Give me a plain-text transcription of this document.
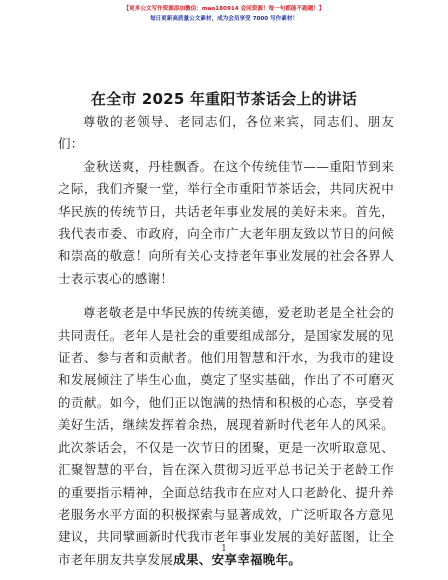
【更多公文写作资源添加微信：mao180914 会同资源！每一句都能不跑题！】
每日更新高质量公文素材，成为会员享受 7000 写作素材！
在全市 2025 年重阳节茶话会上的讲话

尊敬的老领导、老同志们，各位来宾，同志们、朋友们：

金秋送爽，丹桂飘香。在这个传统佳节——重阳节到来之际，我们齐聚一堂，举行全市重阳节茶话会，共同庆祝中华民族的传统节日，共话老年事业发展的美好未来。首先，我代表市委、市政府，向全市广大老年朋友致以节日的问候和崇高的敬意！向所有关心支持老年事业发展的社会各界人士表示衷心的感谢！

尊老敬老是中华民族的传统美德，爱老助老是全社会的共同责任。老年人是社会的重要组成部分，是国家发展的见证者、参与者和贡献者。他们用智慧和汗水，为我市的建设和发展倾注了毕生心血，奠定了坚实基础，作出了不可磨灭的贡献。如今，他们正以饱满的热情和积极的心态，享受着美好生活，继续发挥着余热，展现着新时代老年人的风采。此次茶话会，不仅是一次节日的团聚，更是一次听取意见、汇聚智慧的平台，旨在深入贯彻习近平总书记关于老龄工作的重要指示精神，全面总结我市在应对人口老龄化、提升养老服务水平方面的积极探索与显著成效，广泛听取各方意见建议，共同擘画新时代我市老年事业发展的美好蓝图，让全市老年朋友共享发展成果、安享幸福晚年。

1
